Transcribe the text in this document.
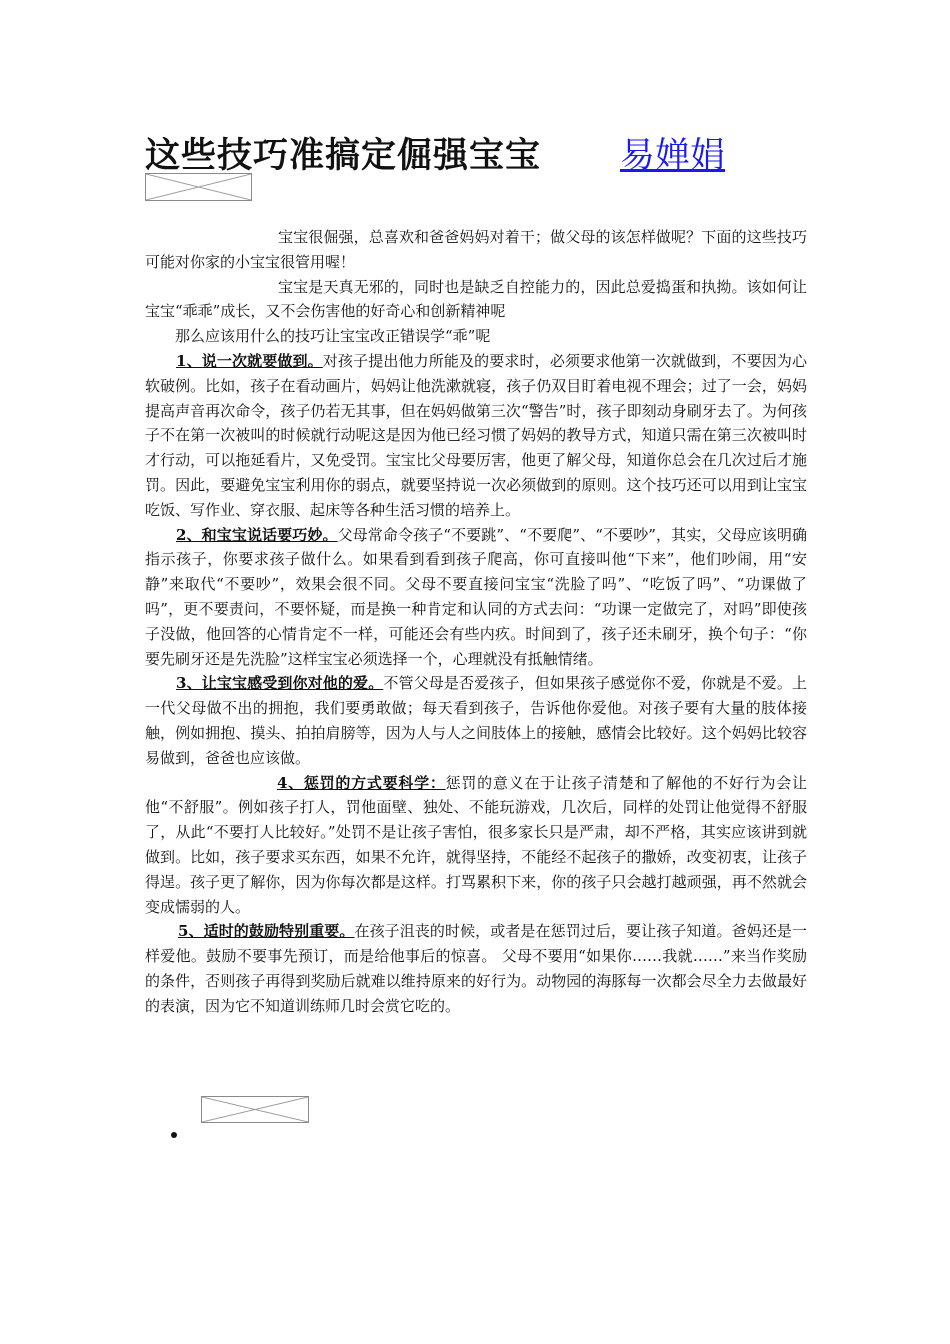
这些技巧准搞定倔强宝宝 易婵娟

宝宝很倔强，总喜欢和爸爸妈妈对着干；做父母的该怎样做呢？下面的这些技巧可能对你家的小宝宝很管用喔！

宝宝是天真无邪的，同时也是缺乏自控能力的，因此总爱捣蛋和执拗。该如何让宝宝“乖乖”成长，又不会伤害他的好奇心和创新精神呢

那么应该用什么的技巧让宝宝改正错误学“乖”呢

1、说一次就要做到。对孩子提出他力所能及的要求时，必须要求他第一次就做到，不要因为心软破例。比如，孩子在看动画片，妈妈让他洗漱就寝，孩子仍双目盯着电视不理会；过了一会，妈妈提高声音再次命令，孩子仍若无其事，但在妈妈做第三次“警告”时，孩子即刻动身刷牙去了。为何孩子不在第一次被叫的时候就行动呢这是因为他已经习惯了妈妈的教导方式，知道只需在第三次被叫时才行动，可以拖延看片，又免受罚。宝宝比父母要厉害，他更了解父母，知道你总会在几次过后才施罚。因此，要避免宝宝利用你的弱点，就要坚持说一次必须做到的原则。这个技巧还可以用到让宝宝吃饭、写作业、穿衣服、起床等各种生活习惯的培养上。

2、和宝宝说话要巧妙。父母常命令孩子“不要跳”、“不要爬”、“不要吵”，其实，父母应该明确指示孩子，你要求孩子做什么。如果看到看到孩子爬高，你可直接叫他“下来”，他们吵闹，用“安静”来取代“不要吵”，效果会很不同。父母不要直接问宝宝“洗脸了吗”、“吃饭了吗”、“功课做了吗”，更不要责问，不要怀疑，而是换一种肯定和认同的方式去问：“功课一定做完了，对吗”即使孩子没做，他回答的心情肯定不一样，可能还会有些内疚。时间到了，孩子还未刷牙，换个句子：“你要先刷牙还是先洗脸”这样宝宝必须选择一个，心理就没有抵触情绪。

3、让宝宝感受到你对他的爱。不管父母是否爱孩子，但如果孩子感觉你不爱，你就是不爱。上一代父母做不出的拥抱，我们要勇敢做；每天看到孩子，告诉他你爱他。对孩子要有大量的肢体接触，例如拥抱、摸头、拍拍肩膀等，因为人与人之间肢体上的接触，感情会比较好。这个妈妈比较容易做到，爸爸也应该做。

4、惩罚的方式要科学：惩罚的意义在于让孩子清楚和了解他的不好行为会让他“不舒服”。例如孩子打人，罚他面壁、独处、不能玩游戏，几次后，同样的处罚让他觉得不舒服了，从此“不要打人比较好。”处罚不是让孩子害怕，很多家长只是严肃，却不严格，其实应该讲到就做到。比如，孩子要求买东西，如果不允许，就得坚持，不能经不起孩子的撒娇，改变初衷，让孩子得逞。孩子更了解你，因为你每次都是这样。打骂累积下来，你的孩子只会越打越顽强，再不然就会变成懦弱的人。

5、适时的鼓励特别重要。在孩子沮丧的时候，或者是在惩罚过后，要让孩子知道。爸妈还是一样爱他。鼓励不要事先预订，而是给他事后的惊喜。 父母不要用“如果你……我就……”来当作奖励的条件，否则孩子再得到奖励后就难以维持原来的好行为。动物园的海豚每一次都会尽全力去做最好的表演，因为它不知道训练师几时会赏它吃的。
